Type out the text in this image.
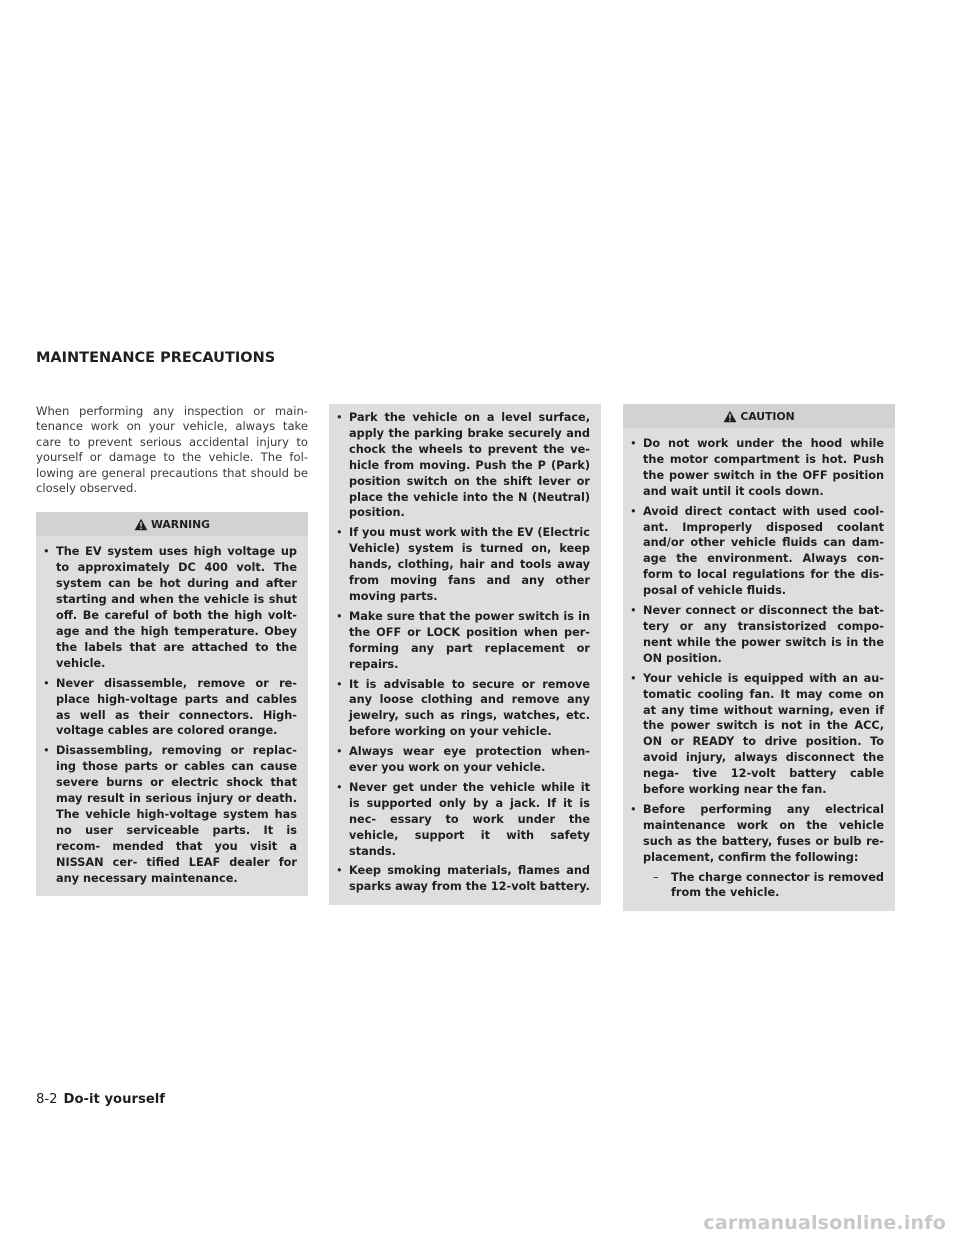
MAINTENANCE PRECAUTIONS

When performing any inspection or main- tenance work on your vehicle, always take care to prevent serious accidental injury to yourself or damage to the vehicle. The fol- lowing are general precautions that should be closely observed.

WARNING
• The EV system uses high voltage up to approximately DC 400 volt. The system can be hot during and after starting and when the vehicle is shut off. Be careful of both the high volt- age and the high temperature. Obey the labels that are attached to the vehicle.
• Never disassemble, remove or re- place high-voltage parts and cables as well as their connectors. High- voltage cables are colored orange.
• Disassembling, removing or replac- ing those parts or cables can cause severe burns or electric shock that may result in serious injury or death. The vehicle high-voltage system has no user serviceable parts. It is recom- mended that you visit a NISSAN cer- tified LEAF dealer for any necessary maintenance.
• Park the vehicle on a level surface, apply the parking brake securely and chock the wheels to prevent the ve- hicle from moving. Push the P (Park) position switch on the shift lever or place the vehicle into the N (Neutral) position.
• If you must work with the EV (Electric Vehicle) system is turned on, keep hands, clothing, hair and tools away from moving fans and any other moving parts.
• Make sure that the power switch is in the OFF or LOCK position when per- forming any part replacement or repairs.
• It is advisable to secure or remove any loose clothing and remove any jewelry, such as rings, watches, etc. before working on your vehicle.
• Always wear eye protection when- ever you work on your vehicle.
• Never get under the vehicle while it is supported only by a jack. If it is nec- essary to work under the vehicle, support it with safety stands.
• Keep smoking materials, flames and sparks away from the 12-volt battery.
CAUTION
• Do not work under the hood while the motor compartment is hot. Push the power switch in the OFF position and wait until it cools down.
• Avoid direct contact with used cool- ant. Improperly disposed coolant and/or other vehicle fluids can dam- age the environment. Always con- form to local regulations for the dis- posal of vehicle fluids.
• Never connect or disconnect the bat- tery or any transistorized compo- nent while the power switch is in the ON position.
• Your vehicle is equipped with an au- tomatic cooling fan. It may come on at any time without warning, even if the power switch is not in the ACC, ON or READY to drive position. To avoid injury, always disconnect the nega- tive 12-volt battery cable before working near the fan.
• Before performing any electrical maintenance work on the vehicle such as the battery, fuses or bulb re- placement, confirm the following:
– The charge connector is removed from the vehicle.
8-2 Do-it yourself
carmanualsonline.info
